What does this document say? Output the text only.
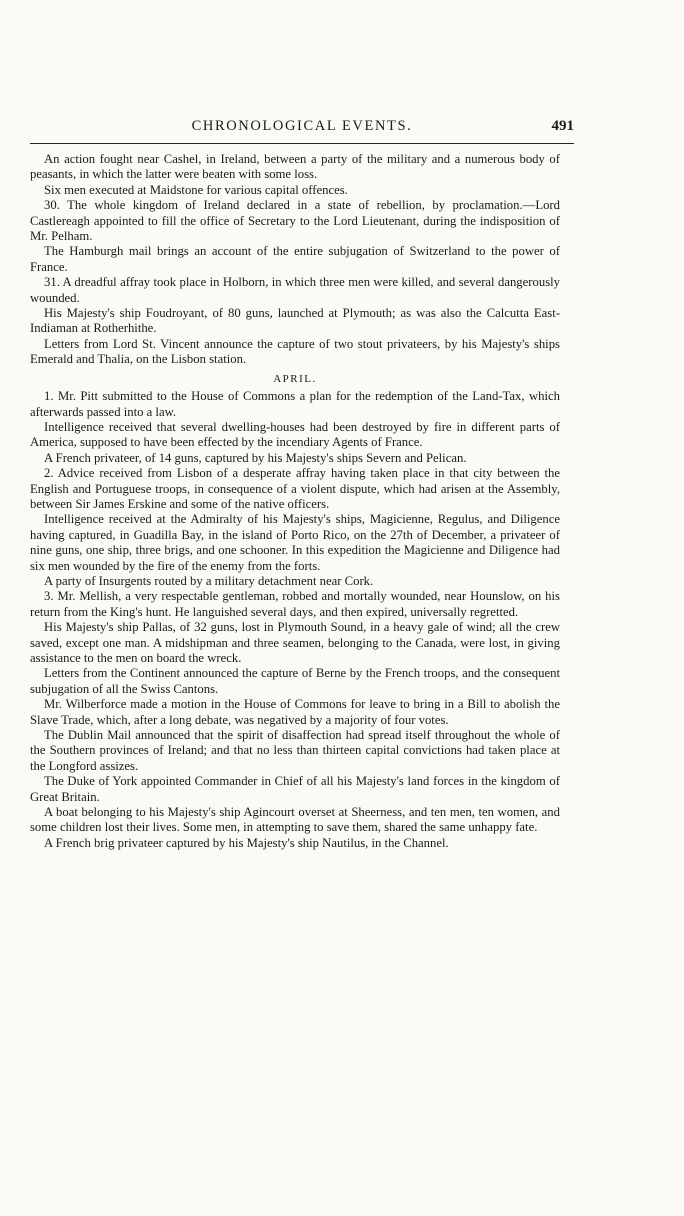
CHRONOLOGICAL EVENTS.	491

An action fought near Cashel, in Ireland, between a party of the military and a numerous body of peasants, in which the latter were beaten with some loss.

Six men executed at Maidstone for various capital offences.

30. The whole kingdom of Ireland declared in a state of rebellion, by proclamation.—Lord Castlereagh appointed to fill the office of Secretary to the Lord Lieutenant, during the indisposition of Mr. Pelham.

The Hamburgh mail brings an account of the entire subjugation of Switzerland to the power of France.

31. A dreadful affray took place in Holborn, in which three men were killed, and several dangerously wounded.

His Majesty's ship Foudroyant, of 80 guns, launched at Plymouth; as was also the Calcutta East-Indiaman at Rotherhithe.

Letters from Lord St. Vincent announce the capture of two stout privateers, by his Majesty's ships Emerald and Thalia, on the Lisbon station.

APRIL.

1. Mr. Pitt submitted to the House of Commons a plan for the redemption of the Land-Tax, which afterwards passed into a law.

Intelligence received that several dwelling-houses had been destroyed by fire in different parts of America, supposed to have been effected by the incendiary Agents of France.

A French privateer, of 14 guns, captured by his Majesty's ships Severn and Pelican.

2. Advice received from Lisbon of a desperate affray having taken place in that city between the English and Portuguese troops, in consequence of a violent dispute, which had arisen at the Assembly, between Sir James Erskine and some of the native officers.

Intelligence received at the Admiralty of his Majesty's ships, Magicienne, Regulus, and Diligence having captured, in Guadilla Bay, in the island of Porto Rico, on the 27th of December, a privateer of nine guns, one ship, three brigs, and one schooner. In this expedition the Magicienne and Diligence had six men wounded by the fire of the enemy from the forts.

A party of Insurgents routed by a military detachment near Cork.

3. Mr. Mellish, a very respectable gentleman, robbed and mortally wounded, near Hounslow, on his return from the King's hunt. He languished several days, and then expired, universally regretted.

His Majesty's ship Pallas, of 32 guns, lost in Plymouth Sound, in a heavy gale of wind; all the crew saved, except one man. A midshipman and three seamen, belonging to the Canada, were lost, in giving assistance to the men on board the wreck.

Letters from the Continent announced the capture of Berne by the French troops, and the consequent subjugation of all the Swiss Cantons.

Mr. Wilberforce made a motion in the House of Commons for leave to bring in a Bill to abolish the Slave Trade, which, after a long debate, was negatived by a majority of four votes.

The Dublin Mail announced that the spirit of disaffection had spread itself throughout the whole of the Southern provinces of Ireland; and that no less than thirteen capital convictions had taken place at the Longford assizes.

The Duke of York appointed Commander in Chief of all his Majesty's land forces in the kingdom of Great Britain.

A boat belonging to his Majesty's ship Agincourt overset at Sheerness, and ten men, ten women, and some children lost their lives. Some men, in attempting to save them, shared the same unhappy fate.

A French brig privateer captured by his Majesty's ship Nautilus, in the Channel.
